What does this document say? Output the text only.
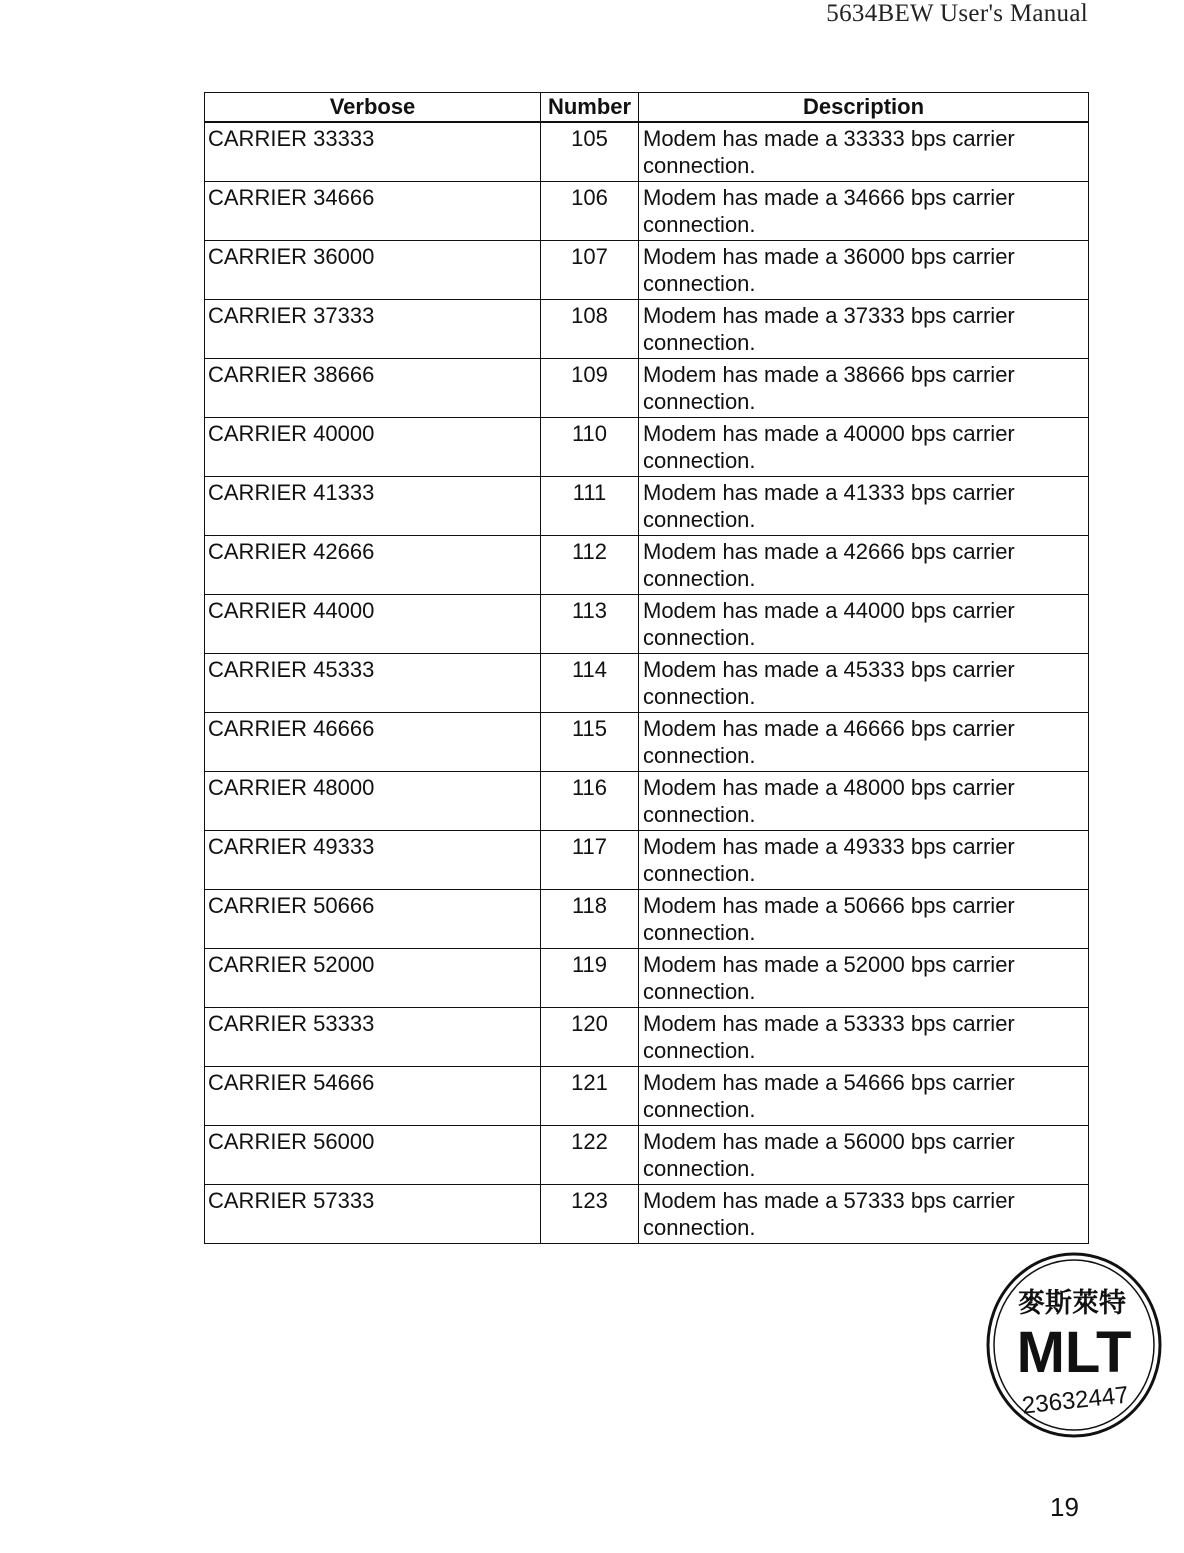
5634BEW User's Manual
Verbose	Number	Description
CARRIER 33333	105	Modem has made a 33333 bps carrier connection.
CARRIER 34666	106	Modem has made a 34666 bps carrier connection.
CARRIER 36000	107	Modem has made a 36000 bps carrier connection.
CARRIER 37333	108	Modem has made a 37333 bps carrier connection.
CARRIER 38666	109	Modem has made a 38666 bps carrier connection.
CARRIER 40000	110	Modem has made a 40000 bps carrier connection.
CARRIER 41333	111	Modem has made a 41333 bps carrier connection.
CARRIER 42666	112	Modem has made a 42666 bps carrier connection.
CARRIER 44000	113	Modem has made a 44000 bps carrier connection.
CARRIER 45333	114	Modem has made a 45333 bps carrier connection.
CARRIER 46666	115	Modem has made a 46666 bps carrier connection.
CARRIER 48000	116	Modem has made a 48000 bps carrier connection.
CARRIER 49333	117	Modem has made a 49333 bps carrier connection.
CARRIER 50666	118	Modem has made a 50666 bps carrier connection.
CARRIER 52000	119	Modem has made a 52000 bps carrier connection.
CARRIER 53333	120	Modem has made a 53333 bps carrier connection.
CARRIER 54666	121	Modem has made a 54666 bps carrier connection.
CARRIER 56000	122	Modem has made a 56000 bps carrier connection.
CARRIER 57333	123	Modem has made a 57333 bps carrier connection.
麥斯萊特
MLT
23632447
19
